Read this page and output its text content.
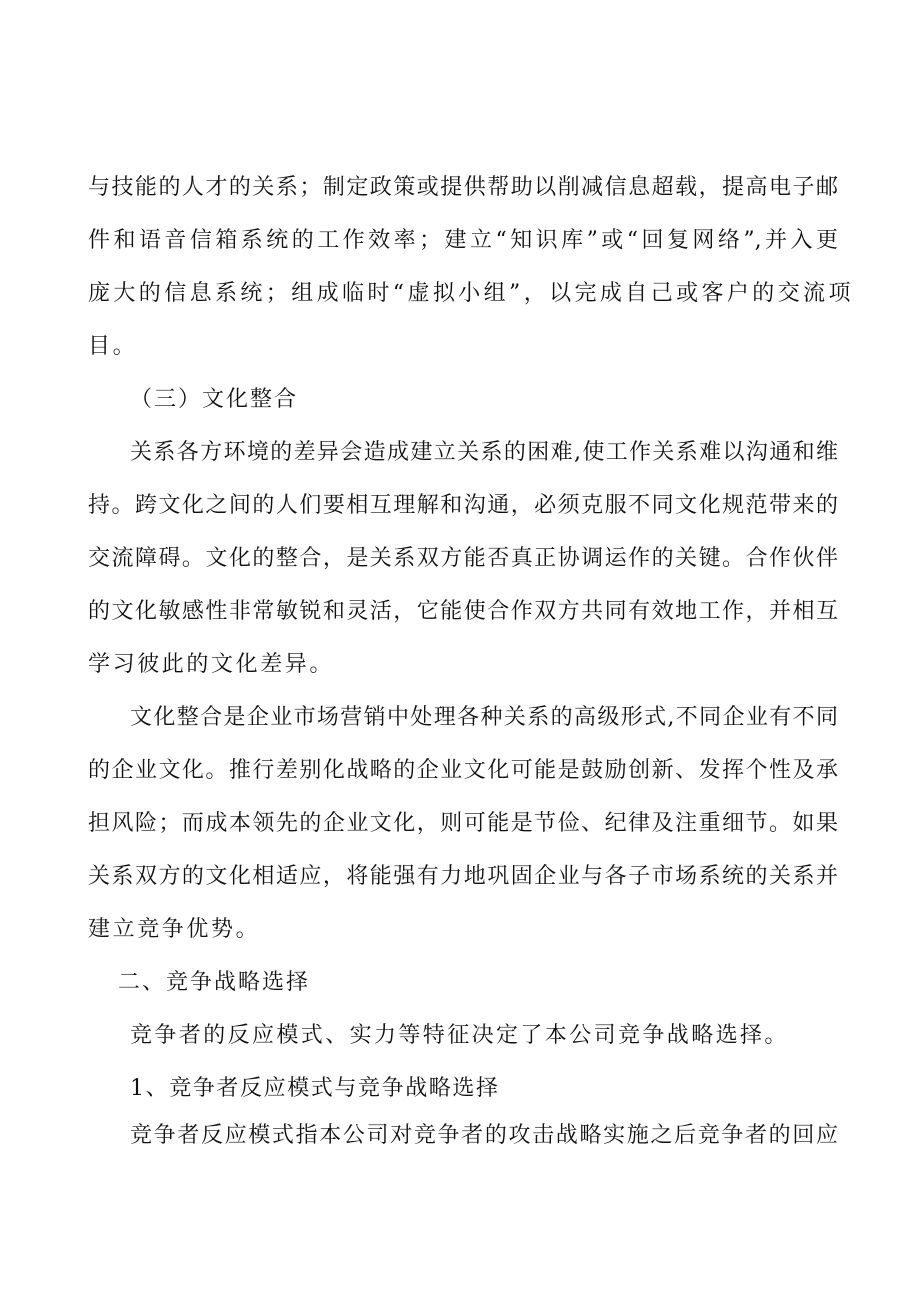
与技能的人才的关系；制定政策或提供帮助以削减信息超载，提高电子邮
件和语音信箱系统的工作效率；建立“知识库”或“回复网络”,并入更
庞大的信息系统；组成临时“虚拟小组”，以完成自己或客户的交流项
目。
（三）文化整合
关系各方环境的差异会造成建立关系的困难,使工作关系难以沟通和维
持。跨文化之间的人们要相互理解和沟通，必须克服不同文化规范带来的
交流障碍。文化的整合，是关系双方能否真正协调运作的关键。合作伙伴
的文化敏感性非常敏锐和灵活，它能使合作双方共同有效地工作，并相互
学习彼此的文化差异。
文化整合是企业市场营销中处理各种关系的高级形式,不同企业有不同
的企业文化。推行差别化战略的企业文化可能是鼓励创新、发挥个性及承
担风险；而成本领先的企业文化，则可能是节俭、纪律及注重细节。如果
关系双方的文化相适应，将能强有力地巩固企业与各子市场系统的关系并
建立竞争优势。
二、竞争战略选择
竞争者的反应模式、实力等特征决定了本公司竞争战略选择。
1、竞争者反应模式与竞争战略选择
竞争者反应模式指本公司对竞争者的攻击战略实施之后竞争者的回应
